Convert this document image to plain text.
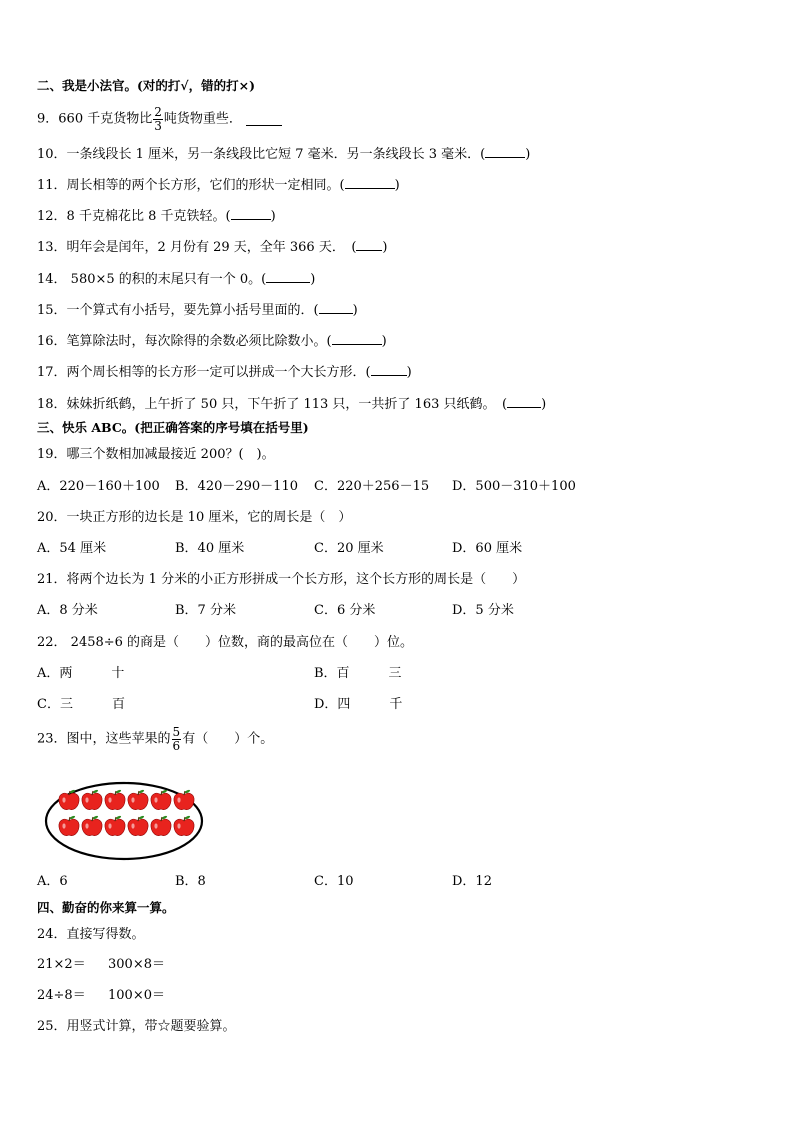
二、我是小法官。(对的打√，错的打×)
9．660 千克货物比 $\frac{2}{3}$ 吨货物重些．
10．一条线段长 1 厘米，另一条线段比它短 7 毫米．另一条线段长 3 毫米．(	)
11．周长相等的两个长方形，它们的形状一定相同。(	)
12．8 千克棉花比 8 千克铁轻。(	)
13．明年会是闰年，2 月份有 29 天，全年 366 天．　( )
14． 580×5 的积的末尾只有一个 0。(	)
15．一个算式有小括号，要先算小括号里面的．(	)
16．笔算除法时，每次除得的余数必须比除数小。(	)
17．两个周长相等的长方形一定可以拼成一个大长方形．(	)
18．妹妹折纸鹤，上午折了 50 只，下午折了 113 只，一共折了 163 只纸鹤。　(	)
三、快乐 ABC。(把正确答案的序号填在括号里)
19．哪三个数相加减最接近 200？(　)。
A．220－160＋100 B．420－290－110 C．220＋256－15 D．500－310＋100
20．一块正方形的边长是 10 厘米，它的周长是（　）
A．54 厘米	B．40 厘米	C．20 厘米	D．60 厘米
21．将两个边长为 1 分米的小正方形拼成一个长方形，这个长方形的周长是（　　）
A．8 分米	B．7 分米	C．6 分米	D．5 分米
22． 2458÷6 的商是（　　）位数，商的最高位在（　　）位。
A．两　　　十	B．百　　　三
C．三　　　百	D．四　　　千
23．图中，这些苹果的 $\frac{5}{6}$ 有（　　）个。
A．6	B．8	C．10	D．12
四、勤奋的你来算一算。
24．直接写得数。
21×2＝ 300×8＝
24÷8＝ 100×0＝
25．用竖式计算，带☆题要验算。
